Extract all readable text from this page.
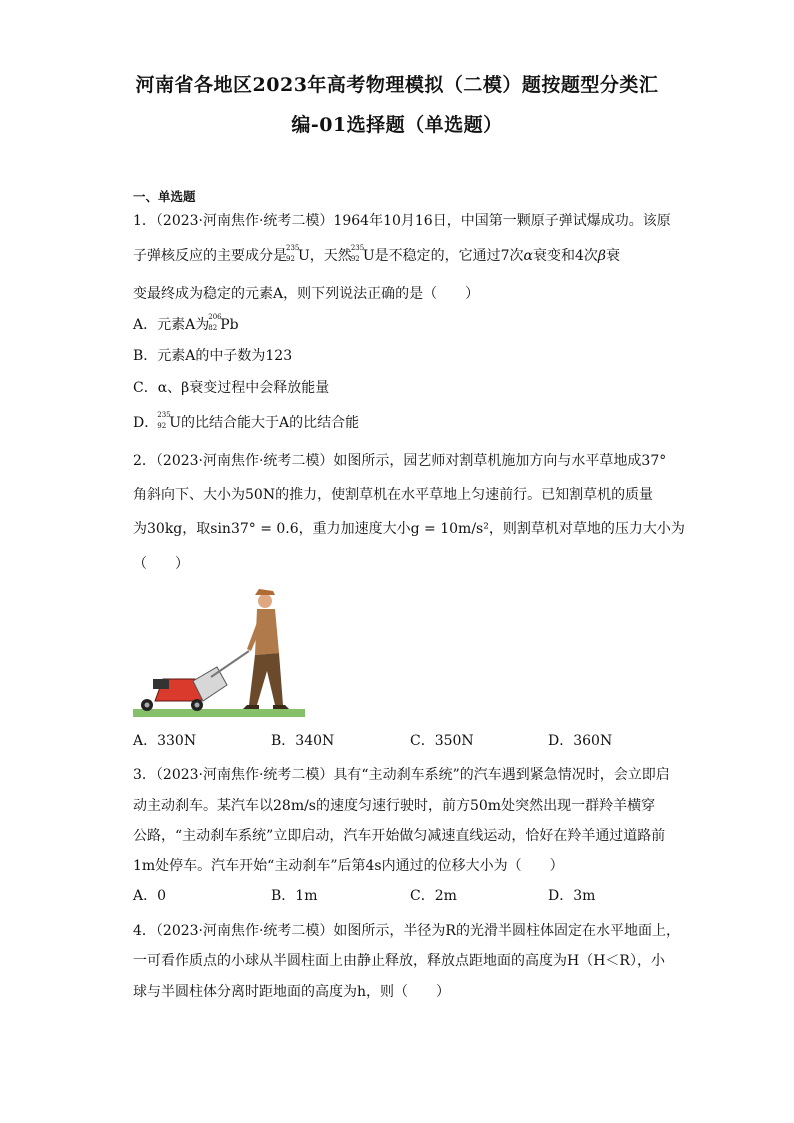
河南省各地区2023年高考物理模拟（二模）题按题型分类汇
编-01选择题（单选题）
一、单选题
1．（2023·河南焦作·统考二模）1964年10月16日，中国第一颗原子弹试爆成功。该原
子弹核反应的主要成分是 235
92 U，天然 235
92 U是不稳定的，它通过7次α衰变和4次β衰
变最终成为稳定的元素A，则下列说法正确的是（　　）
A．元素A为 206
82 Pb
B．元素A的中子数为123
C．α、β衰变过程中会释放能量
D． 235
92 U的比结合能大于A的比结合能
2．（2023·河南焦作·统考二模）如图所示，园艺师对割草机施加方向与水平草地成37°
角斜向下、大小为50N的推力，使割草机在水平草地上匀速前行。已知割草机的质量
为30kg，取sin37° = 0.6，重力加速度大小g = 10m/s²，则割草机对草地的压力大小为
（　　）
A．330N	B．340N	C．350N	D．360N
3．（2023·河南焦作·统考二模）具有“主动刹车系统”的汽车遇到紧急情况时，会立即启
动主动刹车。某汽车以28m/s的速度匀速行驶时，前方50m处突然出现一群羚羊横穿
公路，“主动刹车系统”立即启动，汽车开始做匀减速直线运动，恰好在羚羊通过道路前
1m处停车。汽车开始“主动刹车”后第4s内通过的位移大小为（　　）
A．0	B．1m	C．2m	D．3m
4．（2023·河南焦作·统考二模）如图所示，半径为R的光滑半圆柱体固定在水平地面上，
一可看作质点的小球从半圆柱面上由静止释放，释放点距地面的高度为H（H＜R），小
球与半圆柱体分离时距地面的高度为h，则（　　）
